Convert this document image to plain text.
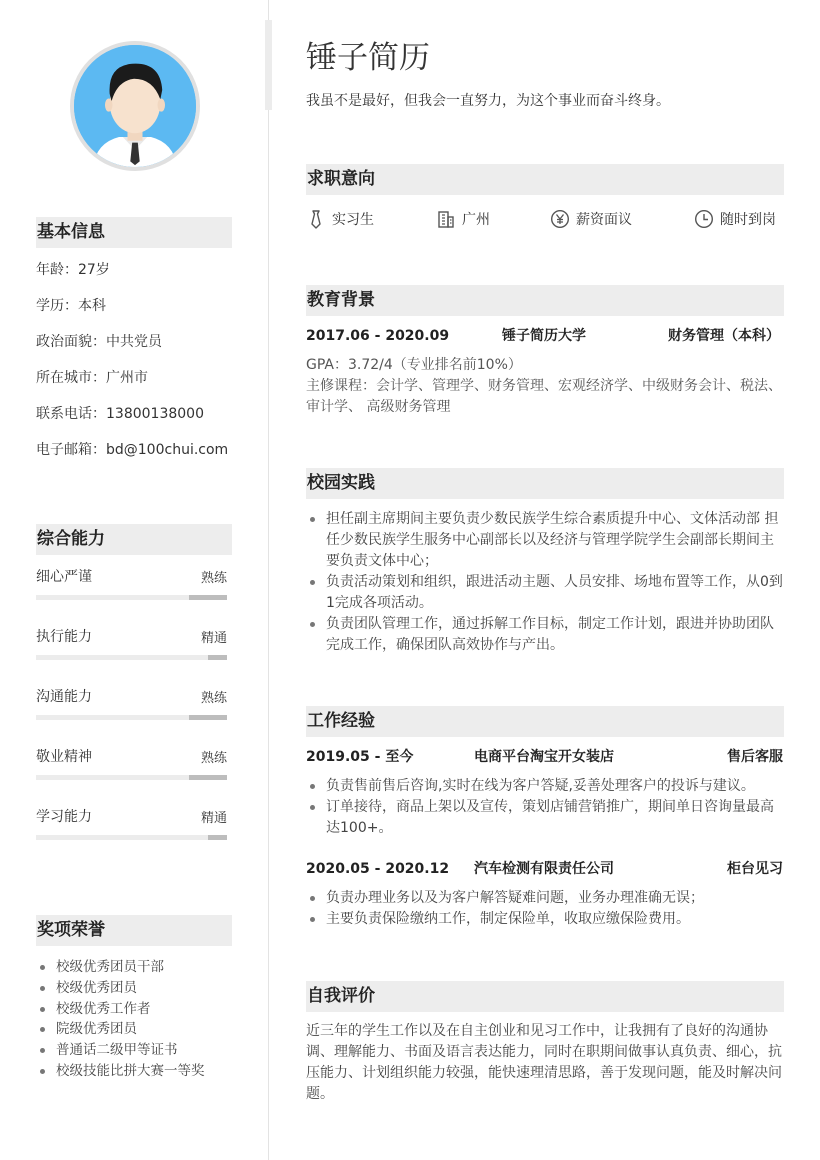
基本信息
年龄：27岁
学历：本科
政治面貌：中共党员
所在城市：广州市
联系电话：13800138000
电子邮箱：bd@100chui.com
综合能力
细心严谨	熟练
执行能力	精通
沟通能力	熟练
敬业精神	熟练
学习能力	精通
奖项荣誉
校级优秀团员干部
校级优秀团员
校级优秀工作者
院级优秀团员
普通话二级甲等证书
校级技能比拼大赛一等奖
锤子简历
我虽不是最好，但我会一直努力，为这个事业而奋斗终身。
求职意向
实习生	广州	薪资面议	随时到岗
教育背景
2017.06 - 2020.09	锤子简历大学	财务管理（本科）
GPA：3.72/4（专业排名前10%）
主修课程：会计学、管理学、财务管理、宏观经济学、中级财务会计、税法、审计学、 高级财务管理
校园实践
担任副主席期间主要负责少数民族学生综合素质提升中心、文体活动部 担任少数民族学生服务中心副部长以及经济与管理学院学生会副部长期间主要负责文体中心；
负责活动策划和组织，跟进活动主题、人员安排、场地布置等工作，从0到1完成各项活动。
负责团队管理工作，通过拆解工作目标，制定工作计划，跟进并协助团队完成工作，确保团队高效协作与产出。
工作经验
2019.05 - 至今	电商平台淘宝开女装店	售后客服
负责售前售后咨询,实时在线为客户答疑,妥善处理客户的投诉与建议。
订单接待，商品上架以及宣传，策划店铺营销推广，期间单日咨询量最高达100+。
2020.05 - 2020.12 汽车检测有限责任公司	柜台见习
负责办理业务以及为客户解答疑难问题，业务办理准确无误；
主要负责保险缴纳工作，制定保险单，收取应缴保险费用。
自我评价
近三年的学生工作以及在自主创业和见习工作中，让我拥有了良好的沟通协调、理解能力、书面及语言表达能力，同时在职期间做事认真负责、细心，抗压能力、计划组织能力较强，能快速理清思路，善于发现问题，能及时解决问题。
